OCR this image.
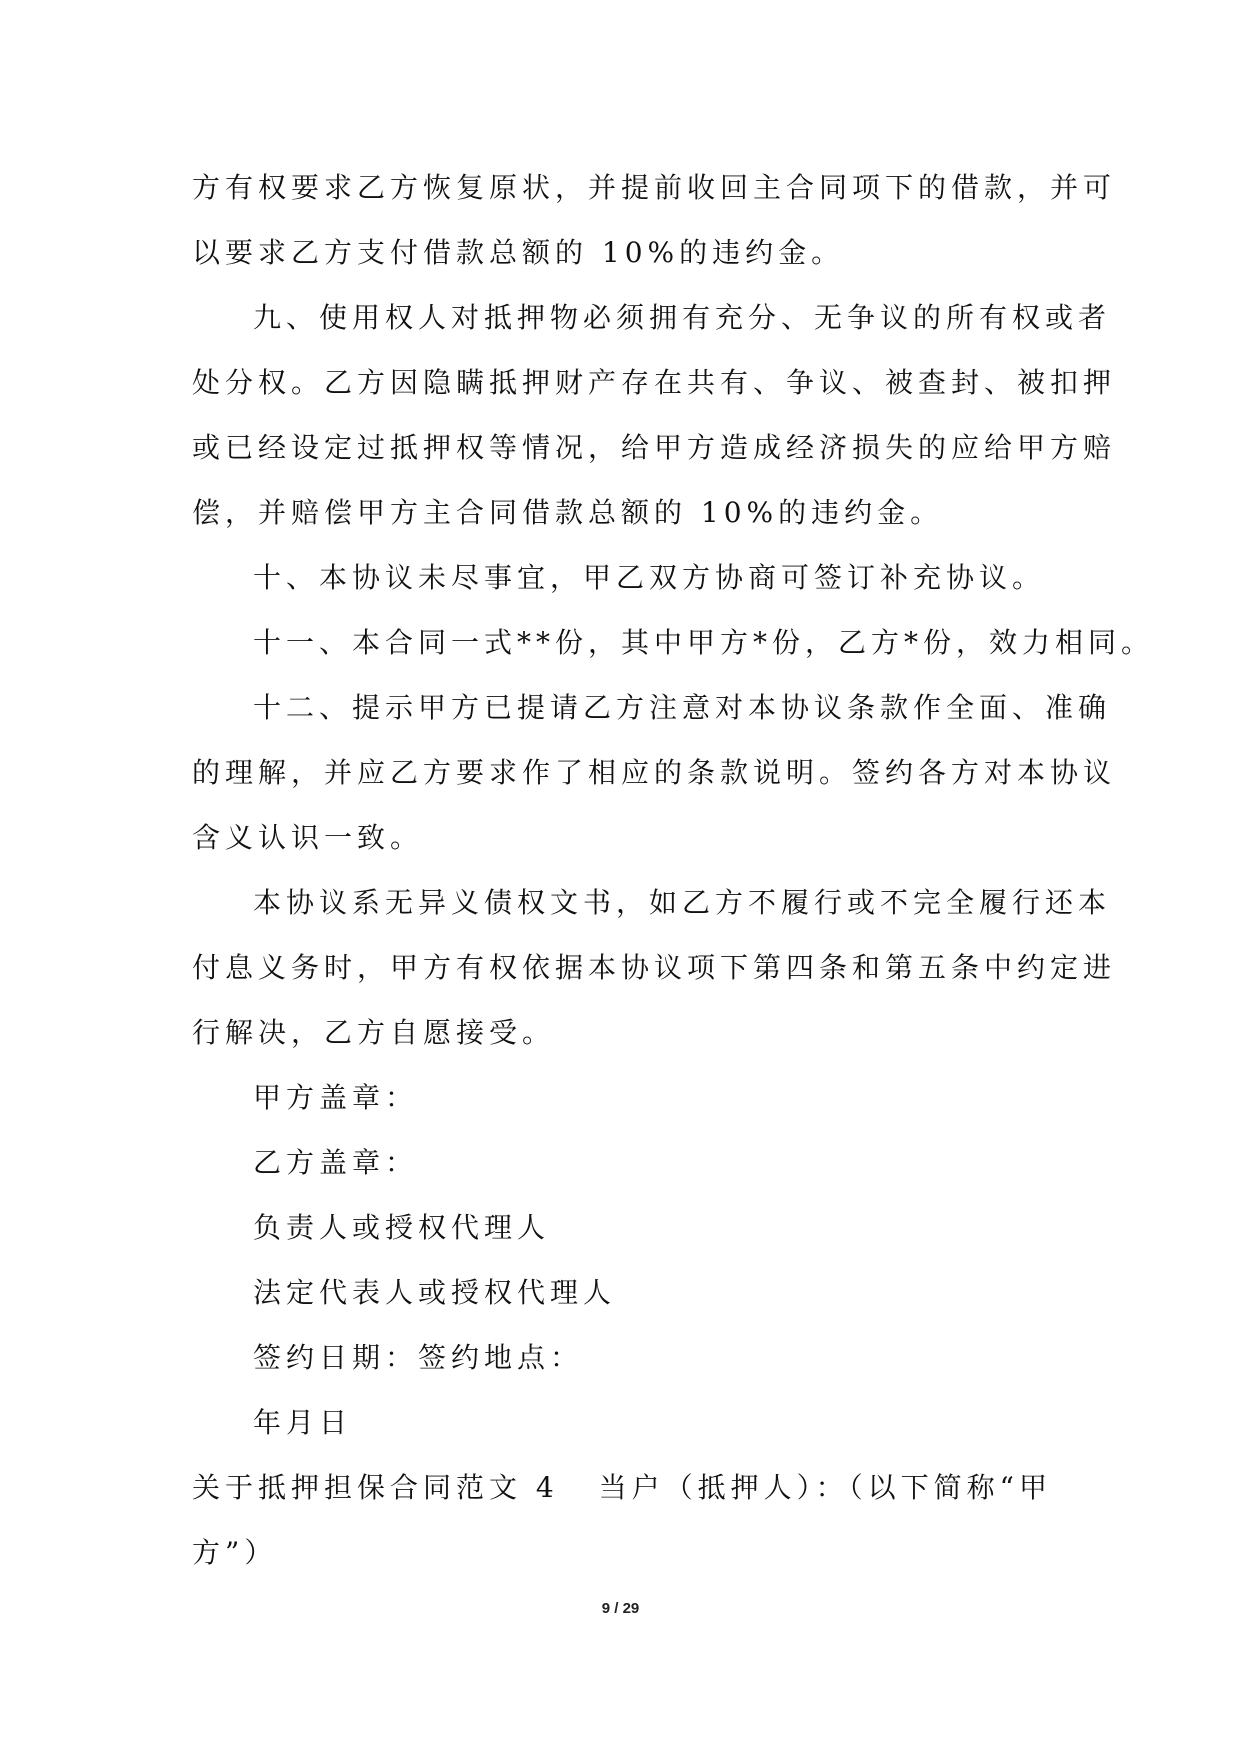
方有权要求乙方恢复原状，并提前收回主合同项下的借款，并可
以要求乙方支付借款总额的 10%的违约金。
九、使用权人对抵押物必须拥有充分、无争议的所有权或者
处分权。乙方因隐瞒抵押财产存在共有、争议、被查封、被扣押
或已经设定过抵押权等情况，给甲方造成经济损失的应给甲方赔
偿，并赔偿甲方主合同借款总额的 10%的违约金。
十、本协议未尽事宜，甲乙双方协商可签订补充协议。
十一、本合同一式**份，其中甲方*份，乙方*份，效力相同。
十二、提示甲方已提请乙方注意对本协议条款作全面、准确
的理解，并应乙方要求作了相应的条款说明。签约各方对本协议
含义认识一致。
本协议系无异义债权文书，如乙方不履行或不完全履行还本
付息义务时，甲方有权依据本协议项下第四条和第五条中约定进
行解决，乙方自愿接受。
甲方盖章：
乙方盖章：
负责人或授权代理人
法定代表人或授权代理人
签约日期：签约地点：
年月日
关于抵押担保合同范文 4 当户（抵押人）：（以下简称“甲
方”）
9 / 29
